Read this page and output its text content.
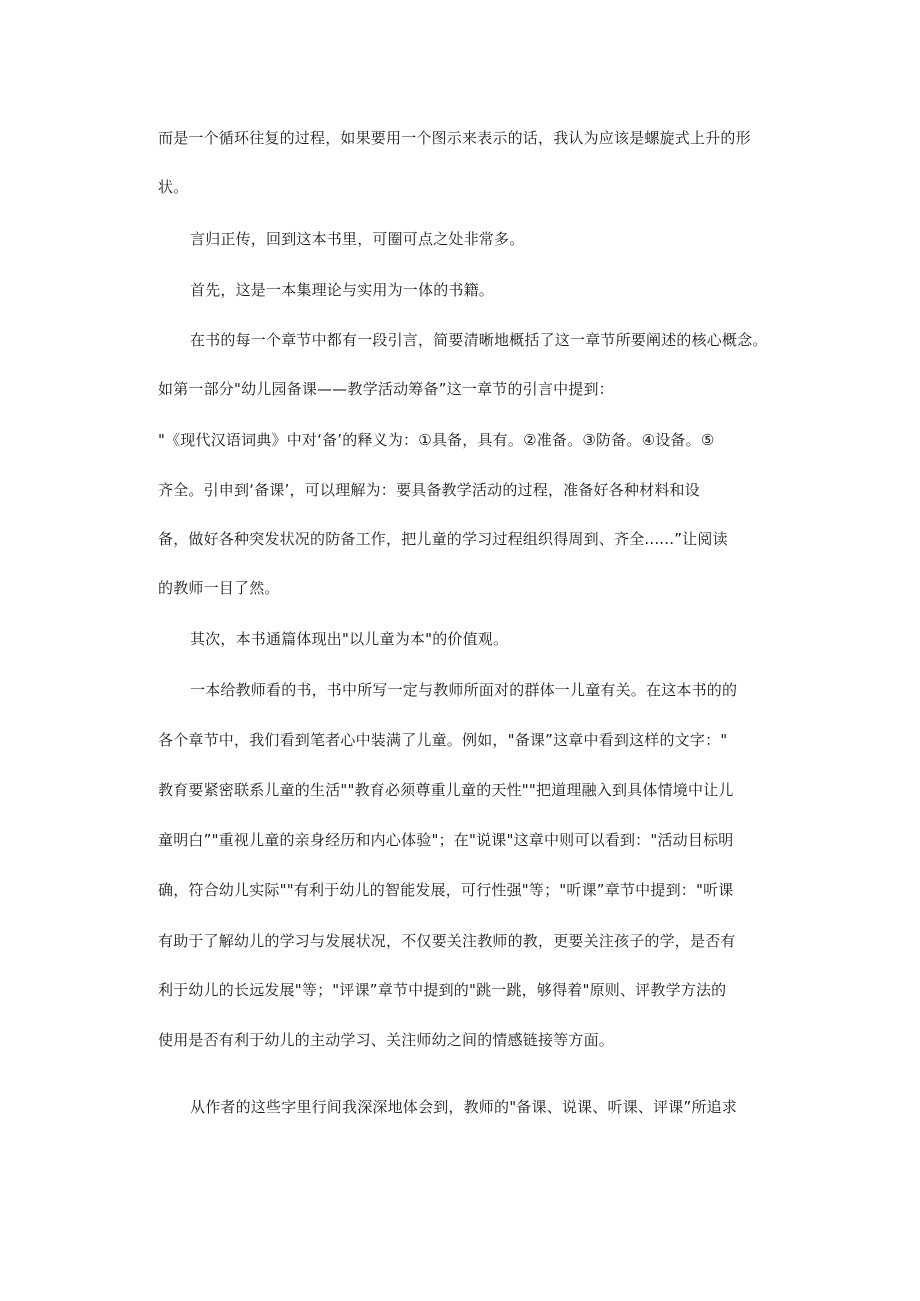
而是一个循环往复的过程，如果要用一个图示来表示的话，我认为应该是螺旋式上升的形
状。
言归正传，回到这本书里，可圈可点之处非常多。
首先，这是一本集理论与实用为一体的书籍。
在书的每一个章节中都有一段引言，简要清晰地概括了这一章节所要阐述的核心概念。
如第一部分"幼儿园备课——教学活动筹备”这一章节的引言中提到：
"《现代汉语词典》中对‘备’的释义为：①具备，具有。②准备。③防备。④设备。⑤
齐全。引申到‘备课’，可以理解为：要具备教学活动的过程，准备好各种材料和设
备，做好各种突发状况的防备工作，把儿童的学习过程组织得周到、齐全......”让阅读
的教师一目了然。
其次，本书通篇体现出"以儿童为本"的价值观。
一本给教师看的书，书中所写一定与教师所面对的群体一儿童有关。在这本书的的
各个章节中，我们看到笔者心中装满了儿童。例如，"备课”这章中看到这样的文字："
教育要紧密联系儿童的生活""教育必须尊重儿童的天性""把道理融入到具体情境中让儿
童明白”"重视儿童的亲身经历和内心体验"；在"说课"这章中则可以看到："活动目标明
确，符合幼儿实际""有利于幼儿的智能发展，可行性强"等；"听课”章节中提到："听课
有助于了解幼儿的学习与发展状况，不仅要关注教师的教，更要关注孩子的学，是否有
利于幼儿的长远发展"等；"评课”章节中提到的"跳一跳，够得着"原则、评教学方法的
使用是否有利于幼儿的主动学习、关注师幼之间的情感链接等方面。
从作者的这些字里行间我深深地体会到，教师的"备课、说课、听课、评课”所追求
